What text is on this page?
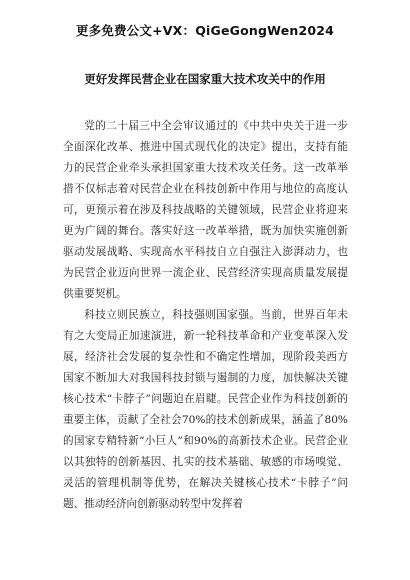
更多免费公文+VX：QiGeGongWen2024
更好发挥民营企业在国家重大技术攻关中的作用

党的二十届三中全会审议通过的《中共中央关于进一步全面深化改革、推进中国式现代化的决定》提出，支持有能力的民营企业牵头承担国家重大技术攻关任务。这一改革举措不仅标志着对民营企业在科技创新中作用与地位的高度认可，更预示着在涉及科技战略的关键领域，民营企业将迎来更为广阔的舞台。落实好这一改革举措，既为加快实施创新驱动发展战略、实现高水平科技自立自强注入澎湃动力，也为民营企业迈向世界一流企业、民营经济实现高质量发展提供重要契机。

科技立则民族立，科技强则国家强。当前，世界百年未有之大变局正加速演进，新一轮科技革命和产业变革深入发展，经济社会发展的复杂性和不确定性增加，现阶段美西方国家不断加大对我国科技封锁与遏制的力度，加快解决关键核心技术“卡脖子”问题迫在眉睫。民营企业作为科技创新的重要主体，贡献了全社会70%的技术创新成果，涵盖了80%的国家专精特新“小巨人”和90%的高新技术企业。民营企业以其独特的创新基因、扎实的技术基础、敏感的市场嗅觉、灵活的管理机制等优势，在解决关键核心技术“卡脖子”问题、推动经济向创新驱动转型中发挥着
